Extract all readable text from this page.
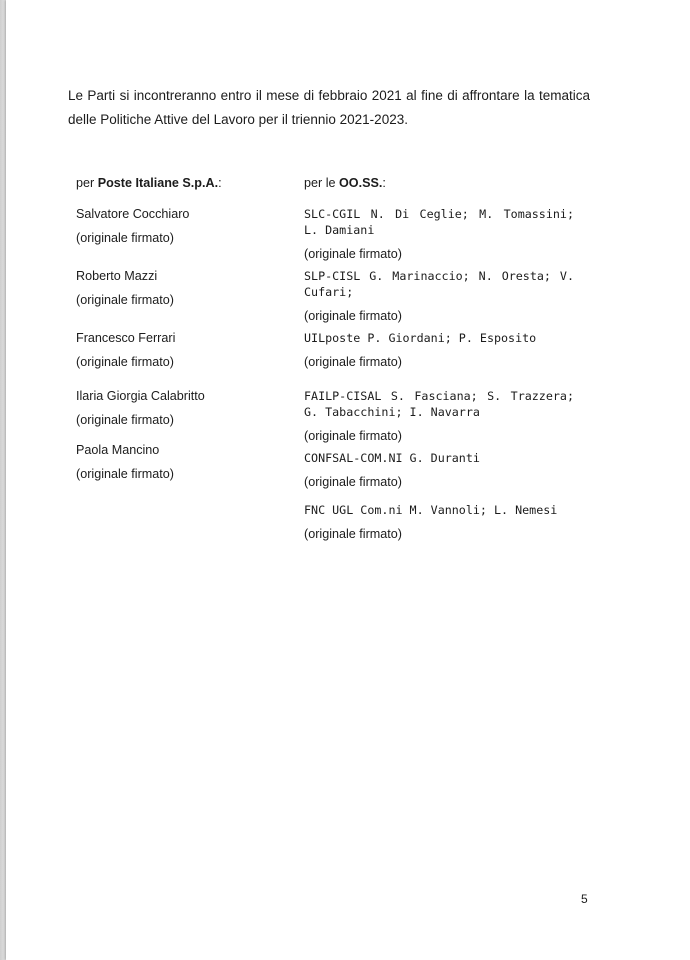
Le Parti si incontreranno entro il mese di febbraio 2021 al fine di affrontare la tematica delle Politiche Attive del Lavoro per il triennio 2021-2023.

per Poste Italiane S.p.A.:
Salvatore Cocchiaro
(originale firmato)
Roberto Mazzi
(originale firmato)
Francesco Ferrari
(originale firmato)
Ilaria Giorgia Calabritto
(originale firmato)
Paola Mancino
(originale firmato)
per le OO.SS.:
SLC-CGIL N. Di Ceglie; M. Tomassini; L. Damiani
(originale firmato)
SLP-CISL G. Marinaccio; N. Oresta; V. Cufari;
(originale firmato)
UILposte P. Giordani; P. Esposito
(originale firmato)
FAILP-CISAL S. Fasciana; S. Trazzera; G. Tabacchini; I. Navarra
(originale firmato)
CONFSAL-COM.NI G. Duranti
(originale firmato)
FNC UGL Com.ni M. Vannoli; L. Nemesi
(originale firmato)
5
